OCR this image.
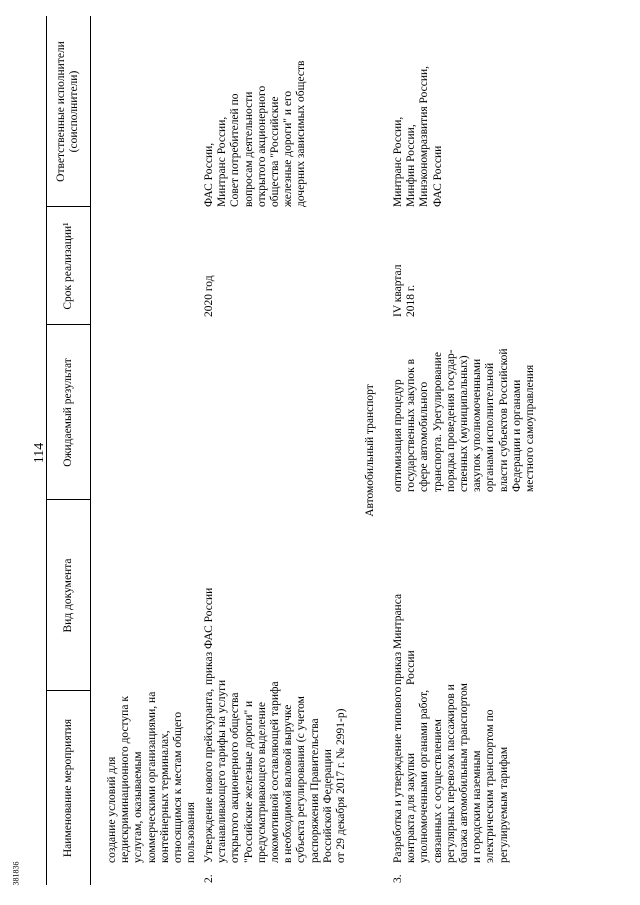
114
381836
Наименование мероприятия
Вид документа
Ожидаемый результат
Срок реализации¹
Ответственные исполнители (соисполнители)
создание условий для недискриминационного доступа к услугам, оказываемым коммерческими организациями, на контейнерных терминалах, относящимся к местам общего пользования
2.
Утверждение нового прейскуранта, устанавливающего тарифы на услуги открытого акционерного общества "Российские железные дороги" и предусматривающего выделение локомотивной составляющей тарифа в необходимой валовой выручке субъекта регулирования (с учетом распоряжения Правительства Российской Федерации от 29 декабря 2017 г. № 2991-р)
приказ ФАС России
2020 год
ФАС России, Минтранс России, Совет потребителей по вопросам деятельности открытого акционерного общества "Российские железные дороги" и его дочерних зависимых обществ
Автомобильный транспорт
3.
Разработка и утверждение типового контракта для закупки уполномоченными органами работ, связанных с осуществлением регулярных перевозок пассажиров и багажа автомобильным транспортом и городским наземным электрическим транспортом по регулируемым тарифам
приказ Минтранса России
оптимизация процедур государственных закупок в сфере автомобильного транспорта. Урегулирование порядка проведения государ- ственных (муниципальных) закупок уполномоченными органами исполнительной власти субъектов Российской Федерации и органами местного самоуправления
IV квартал 2018 г.
Минтранс России, Минфин России, Минэкономразвития России, ФАС России
